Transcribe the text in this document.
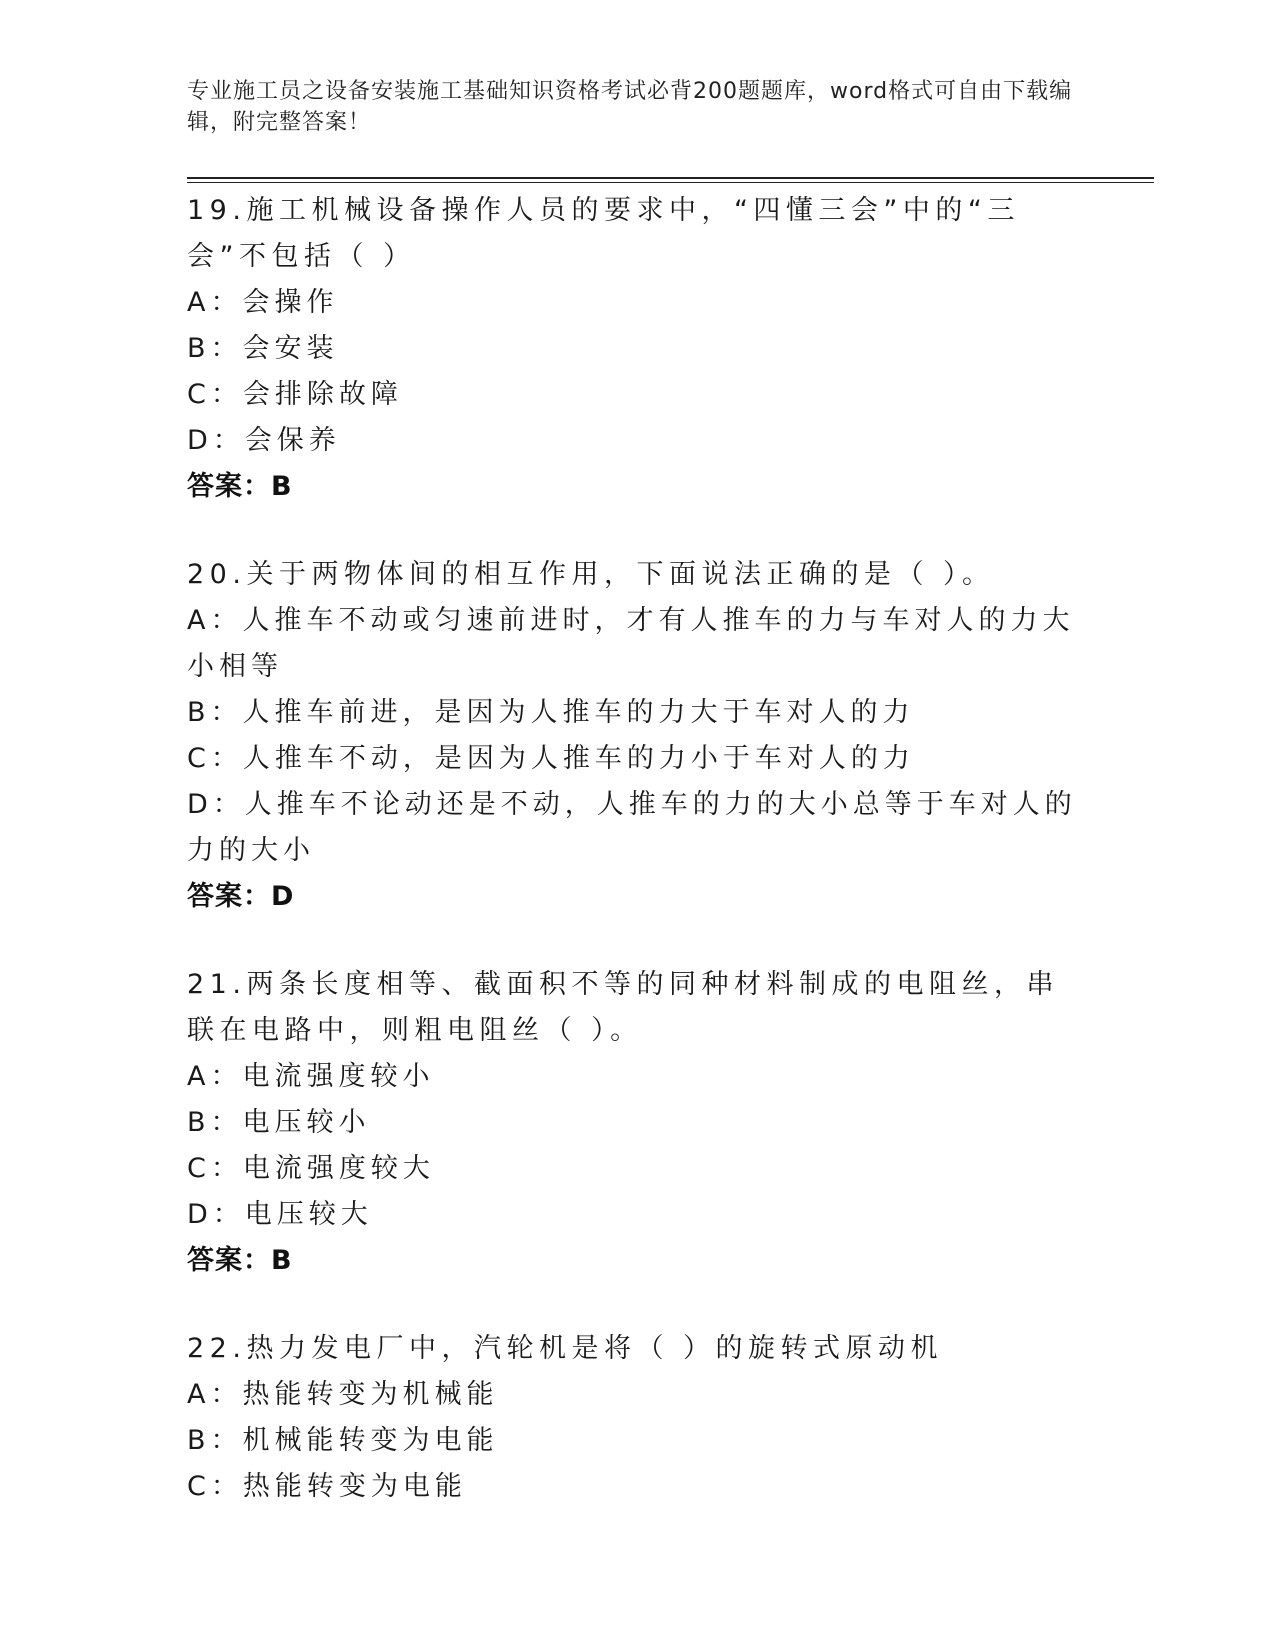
专业施工员之设备安装施工基础知识资格考试必背200题题库，word格式可自由下载编辑，附完整答案！
19.施工机械设备操作人员的要求中，“四懂三会”中的“三会”不包括（ ）
A：会操作
B：会安装
C：会排除故障
D：会保养
答案：B
20.关于两物体间的相互作用，下面说法正确的是（ ）。
A：人推车不动或匀速前进时，才有人推车的力与车对人的力大小相等
B：人推车前进，是因为人推车的力大于车对人的力
C：人推车不动，是因为人推车的力小于车对人的力
D：人推车不论动还是不动，人推车的力的大小总等于车对人的力的大小
答案：D
21.两条长度相等、截面积不等的同种材料制成的电阻丝，串联在电路中，则粗电阻丝（ ）。
A：电流强度较小
B：电压较小
C：电流强度较大
D：电压较大
答案：B
22.热力发电厂中，汽轮机是将（ ）的旋转式原动机
A：热能转变为机械能
B：机械能转变为电能
C：热能转变为电能
